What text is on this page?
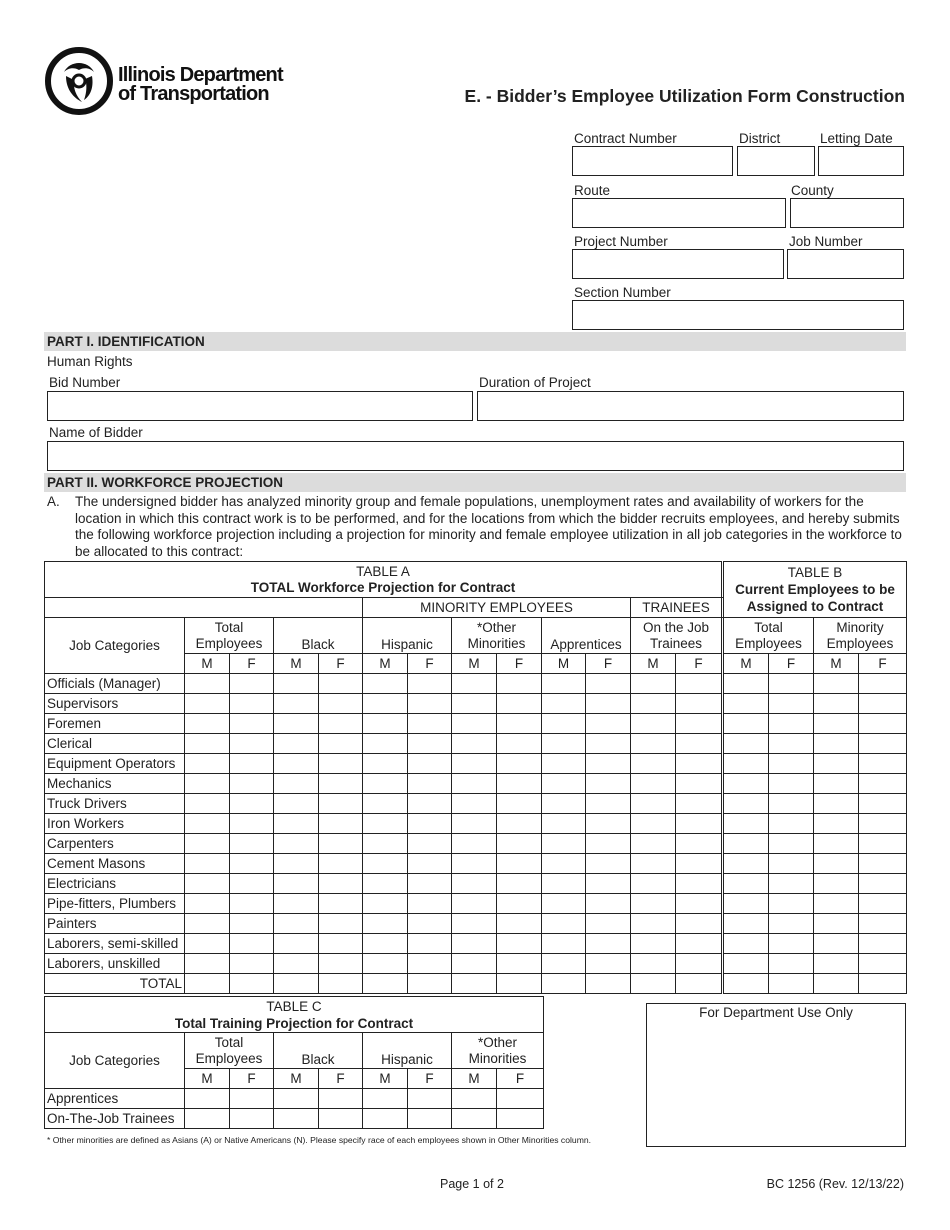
Illinois Department
of Transportation	E. - Bidder’s Employee Utilization Form Construction
Contract Number	District	Letting Date
Route	County
Project Number	Job Number
Section Number
PART I. IDENTIFICATION
Human Rights
Bid Number	Duration of Project
Name of Bidder
PART II. WORKFORCE PROJECTION
A. The undersigned bidder has analyzed minority group and female populations, unemployment rates and availability of workers for the location in which this contract work is to be performed, and for the locations from which the bidder recruits employees, and hereby submits the following workforce projection including a projection for minority and female employee utilization in all job categories in the workforce to be allocated to this contract:
TABLE A
TOTAL Workforce Projection for Contract												

					MINORITY EMPLOYEES						TRAINEES	
Job Categories	Total Employees		Black		Hispanic		*Other Minorities		Apprentices		On the Job Trainees	
	M	F	M	F	M	F	M	F	M	F	M	F
Officials (Manager)												
Supervisors												
Foremen												
Clerical												
Equipment Operators												
Mechanics												
Truck Drivers												
Iron Workers												
Carpenters												
Cement Masons												
Electricians												
Pipe-fitters, Plumbers												
Painters												
Laborers, semi-skilled												
Laborers, unskilled												
TOTAL												
TABLE B
Current Employees to be Assigned to Contract			

Total Employees		Minority Employees	
M	F	M	F

TABLE C
Total Training Projection for Contract								

Job Categories	Total Employees		Black		Hispanic		*Other Minorities	
	M	F	M	F	M	F	M	F
Apprentices								
On-The-Job Trainees								
For Department Use Only
* Other minorities are defined as Asians (A) or Native Americans (N). Please specify race of each employees shown in Other Minorities column.
Page 1 of 2	BC 1256 (Rev. 12/13/22)
